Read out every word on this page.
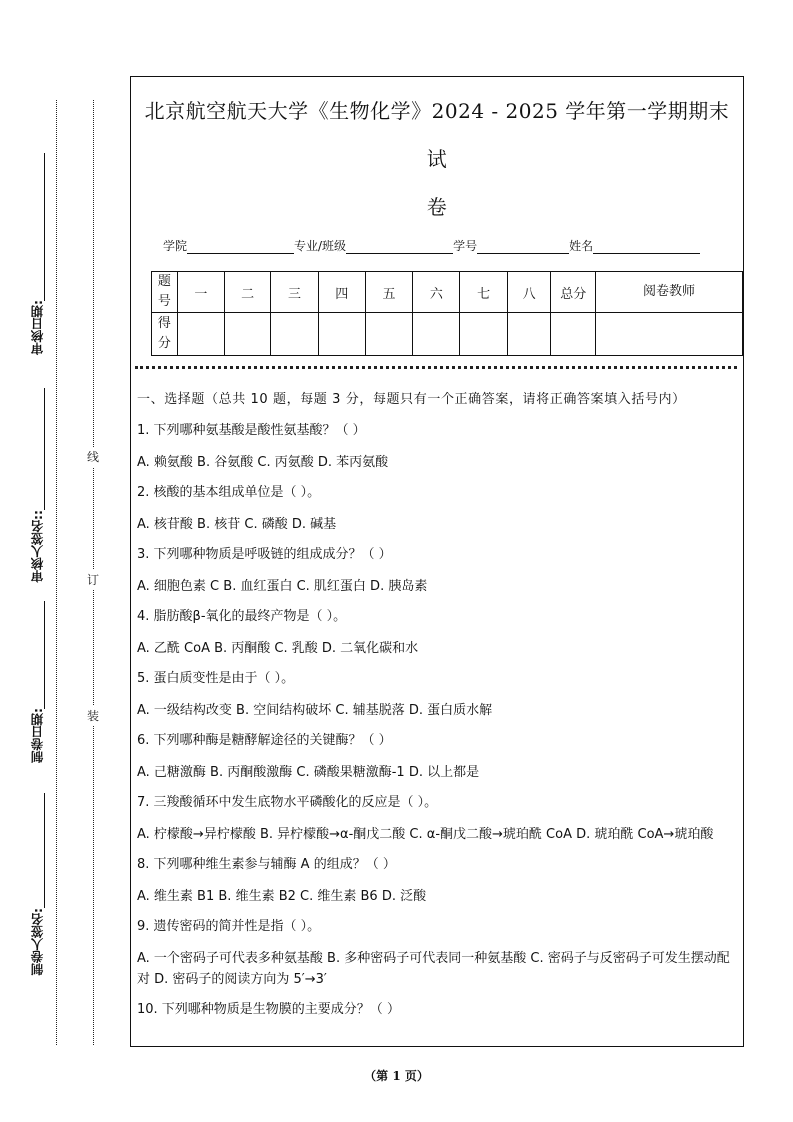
审核日期:
审核人签名::
制卷日期:
制卷人签名:
线
订
装
北京航空航天大学《生物化学》2024 - 2025 学年第一学期期末试
卷
学院	专业/班级	学号	姓名
题号	一	二	三	四	五	六	七	八	总分	阅卷教师
得分										
一、选择题（总共 10 题，每题 3 分，每题只有一个正确答案，请将正确答案填入括号内）
1. 下列哪种氨基酸是酸性氨基酸？（ ）
A. 赖氨酸 B. 谷氨酸 C. 丙氨酸 D. 苯丙氨酸
2. 核酸的基本组成单位是（ ）。
A. 核苷酸 B. 核苷 C. 磷酸 D. 碱基
3. 下列哪种物质是呼吸链的组成成分？（ ）
A. 细胞色素 C B. 血红蛋白 C. 肌红蛋白 D. 胰岛素
4. 脂肪酸β-氧化的最终产物是（ ）。
A. 乙酰 CoA B. 丙酮酸 C. 乳酸 D. 二氧化碳和水
5. 蛋白质变性是由于（ ）。
A. 一级结构改变 B. 空间结构破坏 C. 辅基脱落 D. 蛋白质水解
6. 下列哪种酶是糖酵解途径的关键酶？（ ）
A. 己糖激酶 B. 丙酮酸激酶 C. 磷酸果糖激酶-1 D. 以上都是
7. 三羧酸循环中发生底物水平磷酸化的反应是（ ）。
A. 柠檬酸→异柠檬酸 B. 异柠檬酸→α-酮戊二酸 C. α-酮戊二酸→琥珀酰 CoA D. 琥珀酰 CoA→琥珀酸
8. 下列哪种维生素参与辅酶 A 的组成？（ ）
A. 维生素 B1 B. 维生素 B2 C. 维生素 B6 D. 泛酸
9. 遗传密码的简并性是指（ ）。
A. 一个密码子可代表多种氨基酸 B. 多种密码子可代表同一种氨基酸 C. 密码子与反密码子可发生摆动配对 D. 密码子的阅读方向为 5′→3′
10. 下列哪种物质是生物膜的主要成分？（ ）
（第 1 页）
